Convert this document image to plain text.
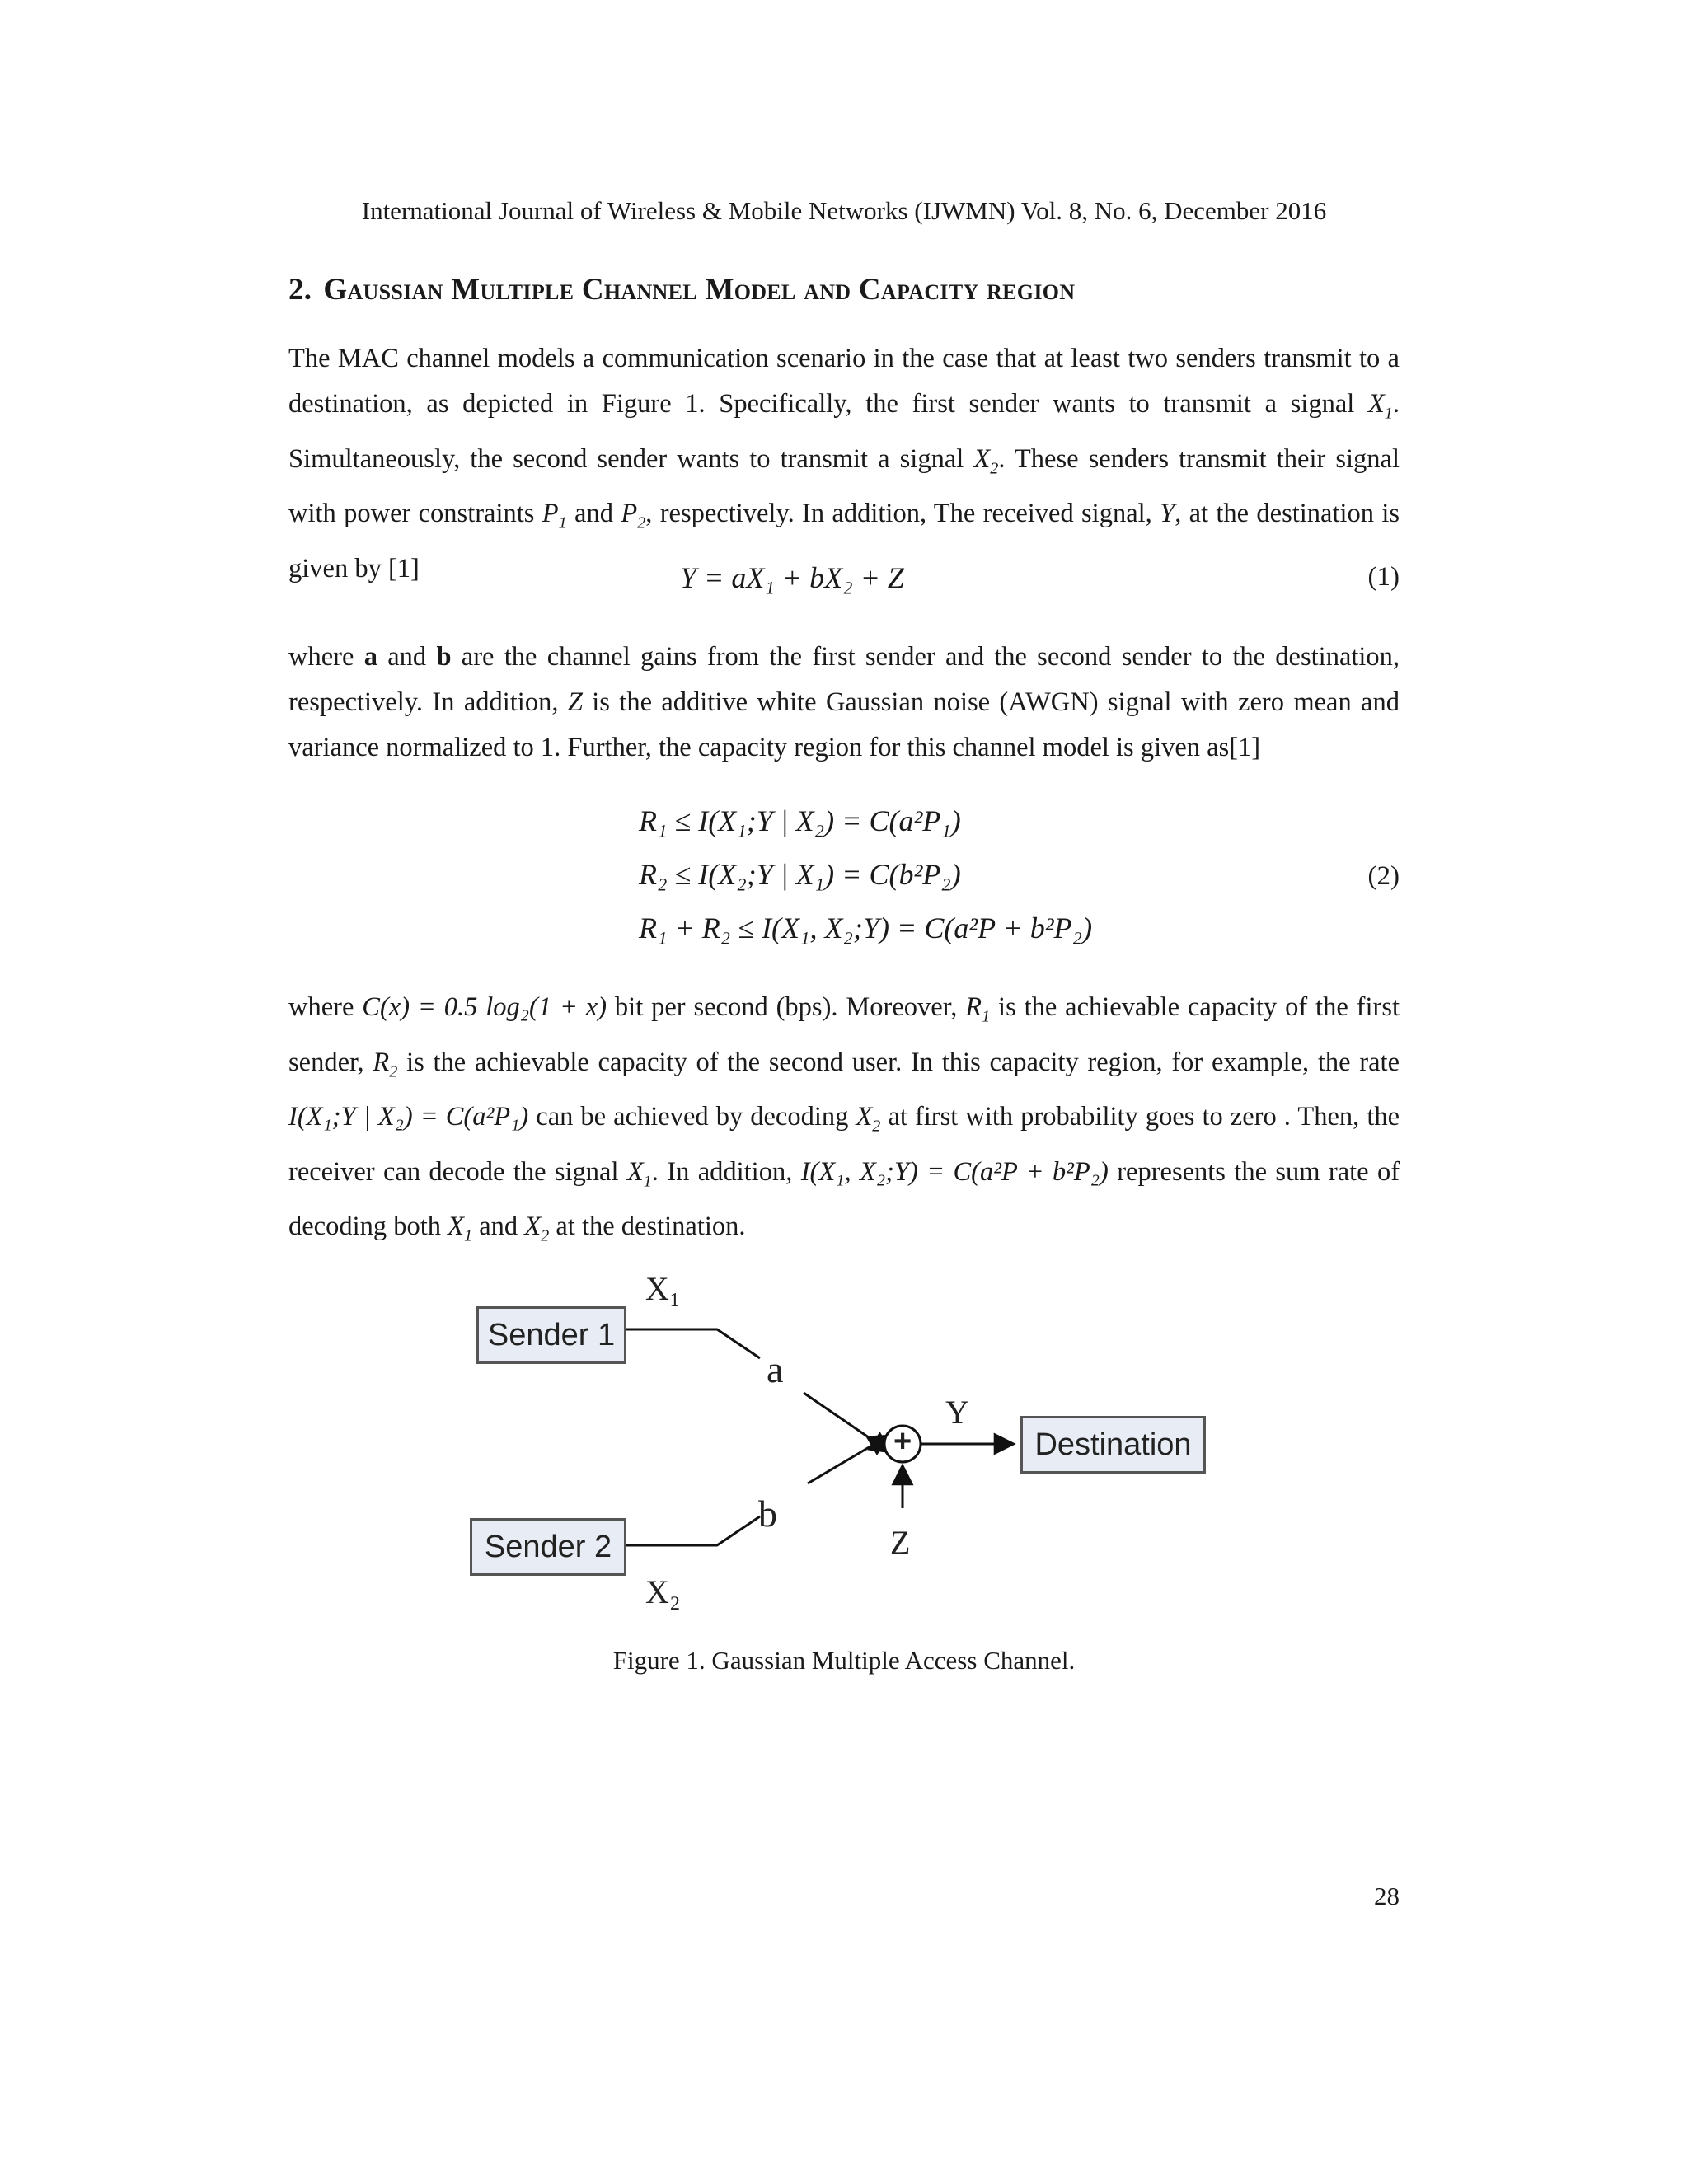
International Journal of Wireless & Mobile Networks (IJWMN) Vol. 8, No. 6, December 2016
2. Gaussian Multiple Channel Model and Capacity region

The MAC channel models a communication scenario in the case that at least two senders transmit to a destination, as depicted in Figure 1. Specifically, the first sender wants to transmit a signal $X_1$. Simultaneously, the second sender wants to transmit a signal $X_2$. These senders transmit their signal with power constraints $P_1$ and $P_2$, respectively. In addition, The received signal, Y, at the destination is given by [1]	Y = aX₁ + bX₂ + Z	(1)

where a and b are the channel gains from the first sender and the second sender to the destination, respectively. In addition, Z is the additive white Gaussian noise (AWGN) signal with zero mean and variance normalized to 1. Further, the capacity region for this channel model is given as[1]

R₁ ≤ I(X₁;Y | X₂) = C(a²P₁)
R₂ ≤ I(X₂;Y | X₁) = C(b²P₂)
R₁ + R₂ ≤ I(X₁, X₂;Y) = C(a²P + b²P₂)
(2)

where C(x) = 0.5 log₂(1 + x) bit per second (bps). Moreover, $R_1$ is the achievable capacity of the first sender, $R_2$ is the achievable capacity of the second user. In this capacity region, for example, the rate I(X₁;Y | X₂) = C(a²P₁) can be achieved by decoding $X_2$ at first with probability goes to zero . Then, the receiver can decode the signal $X_1$. In addition, I(X₁, X₂;Y) = C(a²P + b²P₂) represents the sum rate of decoding both $X_1$ and $X_2$ at the destination.

Sender 1
Sender 2
Destination
X₁
X₂
a
b
+
Y
Z
Figure 1. Gaussian Multiple Access Channel.
28
